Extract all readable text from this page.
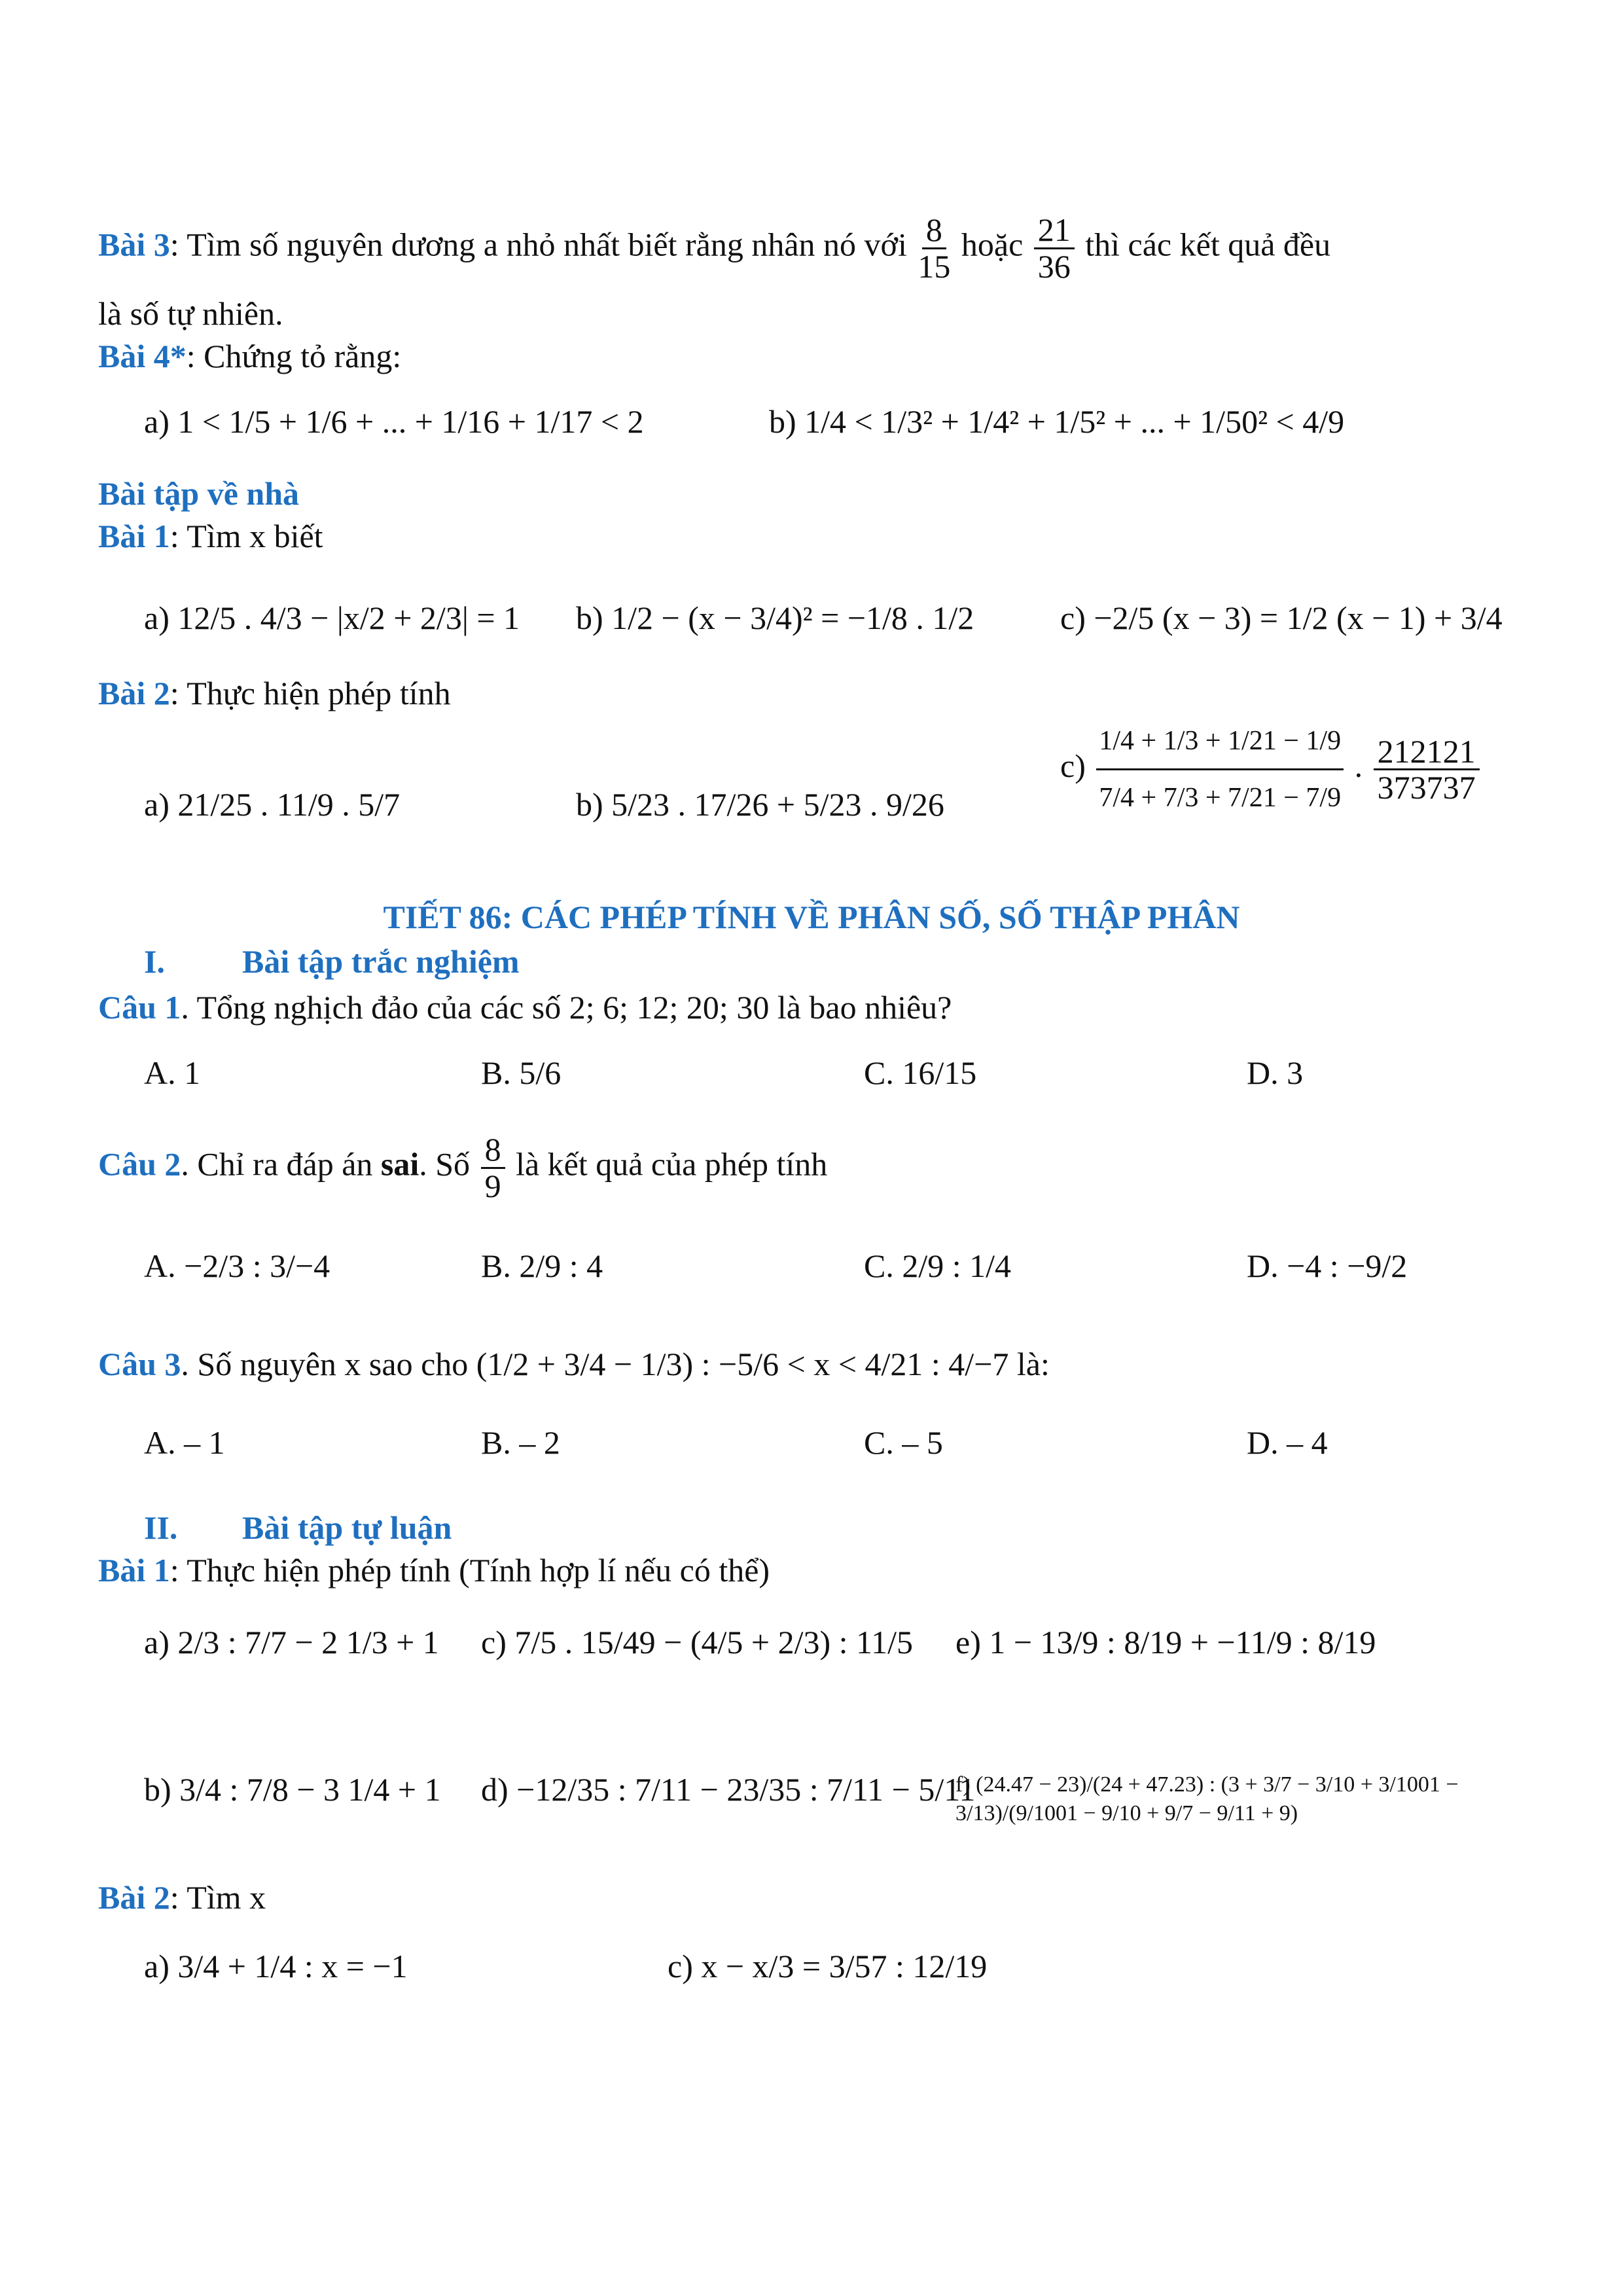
Bài 3: Tìm số nguyên dương a nhỏ nhất biết rằng nhân nó với $\frac{8}{15}$ hoặc $\frac{21}{36}$ thì các kết quả đều
là số tự nhiên.
Bài 4*: Chứng tỏ rằng:
a) 1 < 1/5 + 1/6 + ... + 1/16 + 1/17 < 2	b) 1/4 < 1/3² + 1/4² + 1/5² + ... + 1/50² < 4/9
Bài tập về nhà
Bài 1: Tìm x biết
a) 12/5 . 4/3 − |x/2 + 2/3| = 1 b) 1/2 − (x − 3/4)² = −1/8 . 1/2	c) −2/5 (x − 3) = 1/2 (x − 1) + 3/4
Bài 2: Thực hiện phép tính
a) 21/25 . 11/9 . 5/7	b) 5/23 . 17/26 + 5/23 . 9/26
$c) \frac{1/4 + 1/3 + 1/21 - 1/9}{7/4 + 7/3 + 7/21 - 7/9}$ . $\frac{212121}{373737}$
TIẾT 86: CÁC PHÉP TÍNH VỀ PHÂN SỐ, SỐ THẬP PHÂN
I. Bài tập trắc nghiệm
Câu 1. Tổng nghịch đảo của các số 2; 6; 12; 20; 30 là bao nhiêu?
A. 1	B. 5/6	C. 16/15	D. 3
Câu 2. Chỉ ra đáp án sai. Số $\frac{8}{9}$ là kết quả của phép tính
A. −2/3 : 3/−4	B. 2/9 : 4	C. 2/9 : 1/4	D. −4 : −9/2
Câu 3. Số nguyên x sao cho (1/2 + 3/4 − 1/3) : −5/6 < x < 4/21 : 4/−7 là:
A. – 1	B. – 2	C. – 5	D. – 4
II. Bài tập tự luận
Bài 1: Thực hiện phép tính (Tính hợp lí nếu có thể)
a) 2/3 : 7/7 − 2 1/3 + 1 c) 7/5 . 15/49 − (4/5 + 2/3) : 11/5 e) 1 − 13/9 : 8/19 + −11/9 : 8/19
b) 3/4 : 7/8 − 3 1/4 + 1 d) −12/35 : 7/11 − 23/35 : 7/11 − 5/11
f) (24.47 − 23)/(24 + 47.23) : (3 + 3/7 − 3/10 + 3/1001 − 3/13)/(9/1001 − 9/10 + 9/7 − 9/11 + 9)
Bài 2: Tìm x
a) 3/4 + 1/4 : x = −1	c) x − x/3 = 3/57 : 12/19
